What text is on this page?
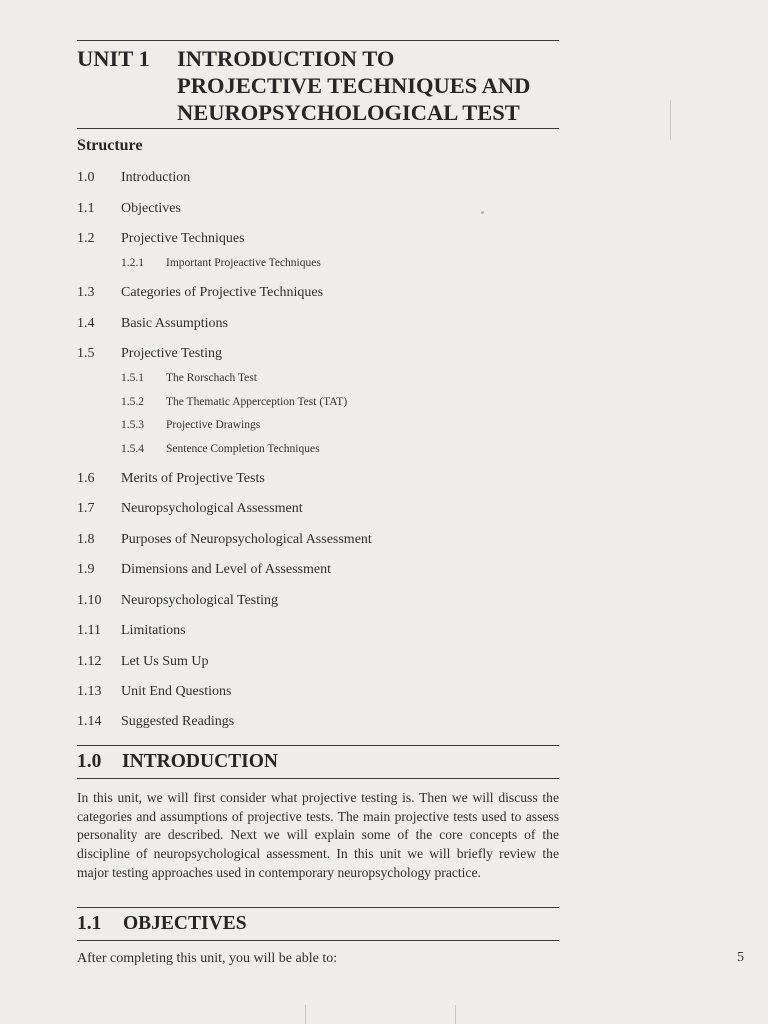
UNIT 1 INTRODUCTION TO
PROJECTIVE TECHNIQUES AND
NEUROPSYCHOLOGICAL TEST
Structure
1.0 Introduction
1.1 Objectives
1.2 Projective Techniques
1.2.1 Important Projeactive Techniques
1.3 Categories of Projective Techniques
1.4 Basic Assumptions
1.5 Projective Testing
1.5.1 The Rorschach Test
1.5.2 The Thematic Apperception Test (TAT)
1.5.3 Projective Drawings
1.5.4 Sentence Completion Techniques
1.6 Merits of Projective Tests
1.7 Neuropsychological Assessment
1.8 Purposes of Neuropsychological Assessment
1.9 Dimensions and Level of Assessment
1.10 Neuropsychological Testing
1.11 Limitations
1.12 Let Us Sum Up
1.13 Unit End Questions
1.14 Suggested Readings
1.0 INTRODUCTION
In this unit, we will first consider what projective testing is. Then we will discuss the categories and assumptions of projective tests. The main projective tests used to assess personality are described. Next we will explain some of the core concepts of the discipline of neuropsychological assessment. In this unit we will briefly review the major testing approaches used in contemporary neuropsychology practice.
1.1 OBJECTIVES
After completing this unit, you will be able to:	5
